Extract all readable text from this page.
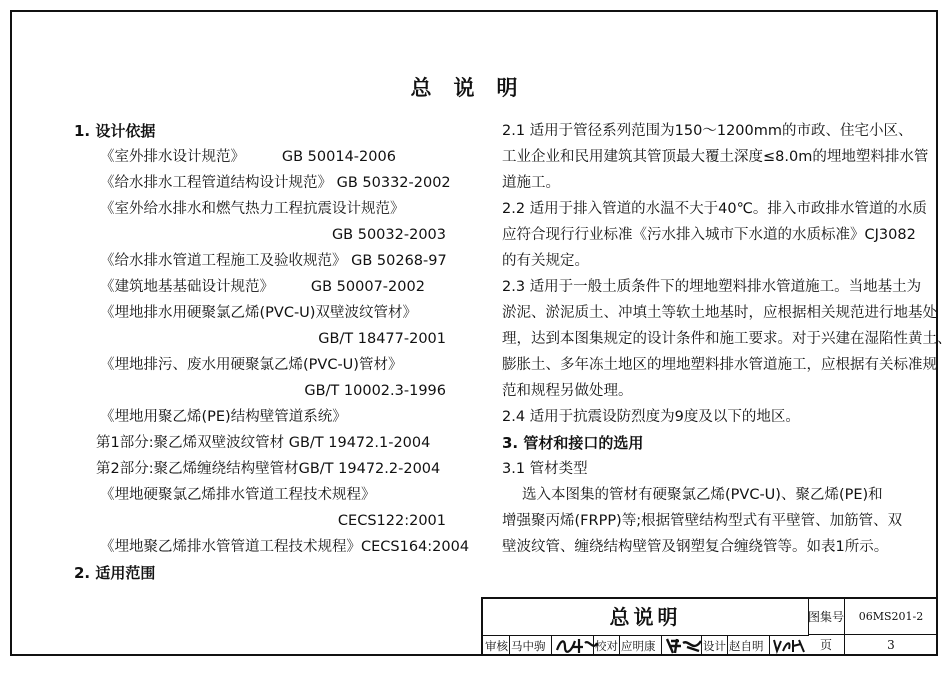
总说明
1. 设计依据
《室外排水设计规范》        GB 50014-2006
《给水排水工程管道结构设计规范》 GB 50332-2002
《室外给水排水和燃气热力工程抗震设计规范》
GB 50032-2003
《给水排水管道工程施工及验收规范》 GB 50268-97
《建筑地基基础设计规范》        GB 50007-2002
《埋地排水用硬聚氯乙烯(PVC-U)双壁波纹管材》
GB/T 18477-2001
《埋地排污、废水用硬聚氯乙烯(PVC-U)管材》
GB/T 10002.3-1996
《埋地用聚乙烯(PE)结构壁管道系统》
第1部分:聚乙烯双壁波纹管材 GB/T 19472.1-2004
第2部分:聚乙烯缠绕结构壁管材GB/T 19472.2-2004
《埋地硬聚氯乙烯排水管道工程技术规程》
CECS122:2001
《埋地聚乙烯排水管管道工程技术规程》CECS164:2004
2. 适用范围
2.1 适用于管径系列范围为150～1200mm的市政、住宅小区、
工业企业和民用建筑其管顶最大覆土深度≤8.0m的埋地塑料排水管
道施工。
2.2 适用于排入管道的水温不大于40℃。排入市政排水管道的水质
应符合现行行业标准《污水排入城市下水道的水质标准》CJ3082
的有关规定。
2.3 适用于一般土质条件下的埋地塑料排水管道施工。当地基土为
淤泥、淤泥质土、冲填土等软土地基时，应根据相关规范进行地基处
理，达到本图集规定的设计条件和施工要求。对于兴建在湿陷性黄土、
膨胀土、多年冻土地区的埋地塑料排水管道施工，应根据有关标准规
范和规程另做处理。
2.4 适用于抗震设防烈度为9度及以下的地区。
3. 管材和接口的选用
3.1 管材类型
选入本图集的管材有硬聚氯乙烯(PVC-U)、聚乙烯(PE)和
增强聚丙烯(FRPP)等;根据管壁结构型式有平壁管、加筋管、双
壁波纹管、缠绕结构壁管及钢塑复合缠绕管等。如表1所示。
总说明	图集号	06MS201-2
页	3
审核 马中驹	校对 应明康	设计 赵自明
